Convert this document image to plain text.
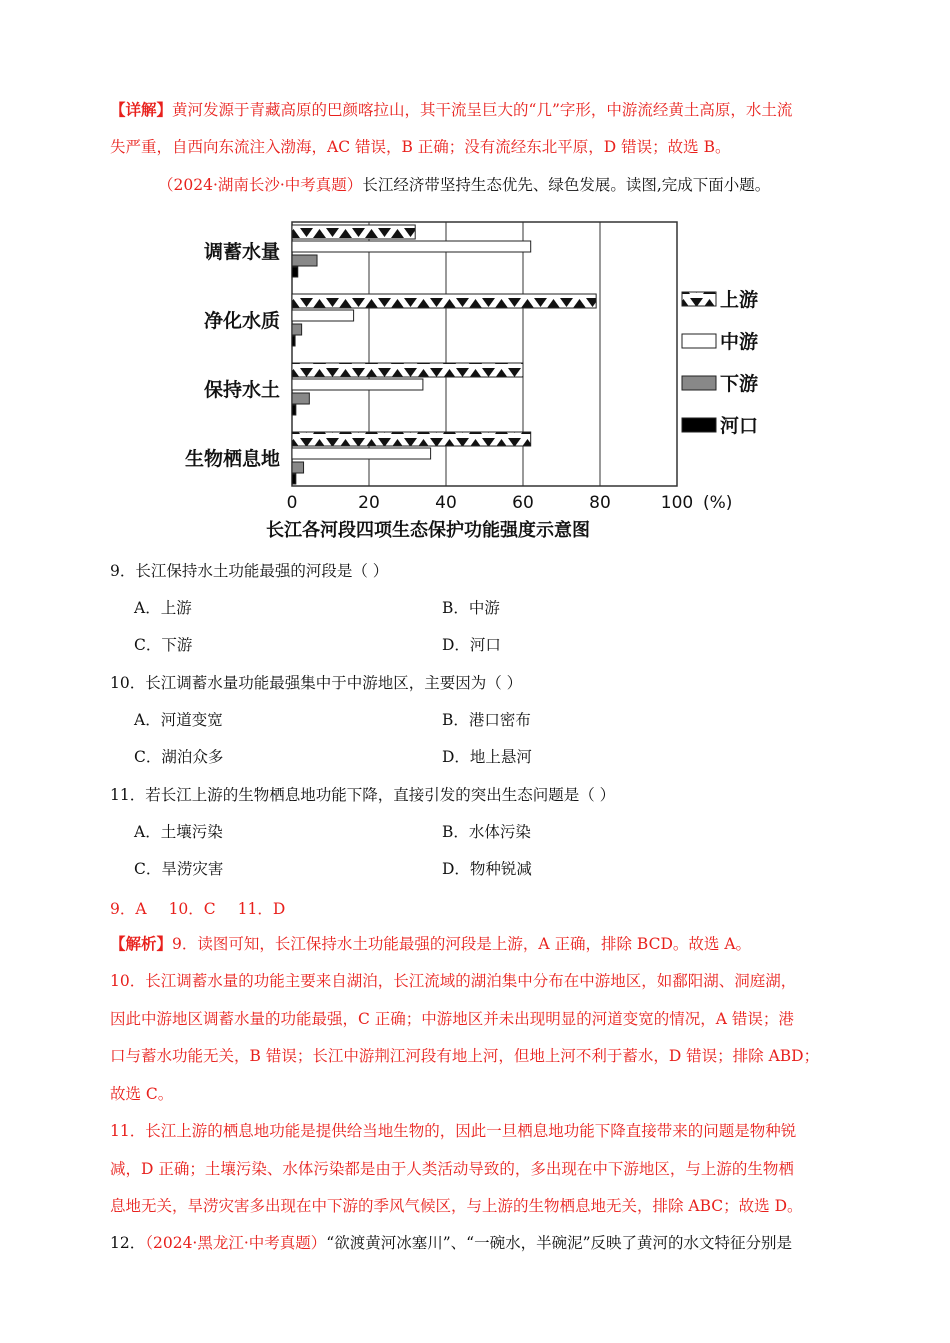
【详解】黄河发源于青藏高原的巴颜喀拉山，其干流呈巨大的“几”字形，中游流经黄土高原，水土流
失严重，自西向东流注入渤海，AC 错误，B 正确；没有流经东北平原，D 错误；故选 B。
（2024·湖南长沙·中考真题）长江经济带坚持生态优先、绿色发展。读图,完成下面小题。
调蓄水量
净化水质
保持水土
生物栖息地
0	20	40	60	80	100 (%)
上游
中游
下游
河口
长江各河段四项生态保护功能强度示意图
9．长江保持水土功能最强的河段是（ ）
A．上游	B．中游
C．下游	D．河口
10．长江调蓄水量功能最强集中于中游地区，主要因为（ ）
A．河道变宽	B．港口密布
C．湖泊众多	D．地上悬河
11．若长江上游的生物栖息地功能下降，直接引发的突出生态问题是（ ）
A．土壤污染	B．水体污染
C．旱涝灾害	D．物种锐减
9．A 10．C 11．D
【解析】9．读图可知，长江保持水土功能最强的河段是上游，A 正确，排除 BCD。故选 A。
10．长江调蓄水量的功能主要来自湖泊，长江流域的湖泊集中分布在中游地区，如鄱阳湖、洞庭湖，
因此中游地区调蓄水量的功能最强，C 正确；中游地区并未出现明显的河道变宽的情况，A 错误；港
口与蓄水功能无关，B 错误；长江中游荆江河段有地上河，但地上河不利于蓄水，D 错误；排除 ABD；
故选 C。
11．长江上游的栖息地功能是提供给当地生物的，因此一旦栖息地功能下降直接带来的问题是物种锐
减，D 正确；土壤污染、水体污染都是由于人类活动导致的，多出现在中下游地区，与上游的生物栖
息地无关，旱涝灾害多出现在中下游的季风气候区，与上游的生物栖息地无关，排除 ABC；故选 D。
12．（2024·黑龙江·中考真题）“欲渡黄河冰塞川”、“一碗水，半碗泥”反映了黄河的水文特征分别是
